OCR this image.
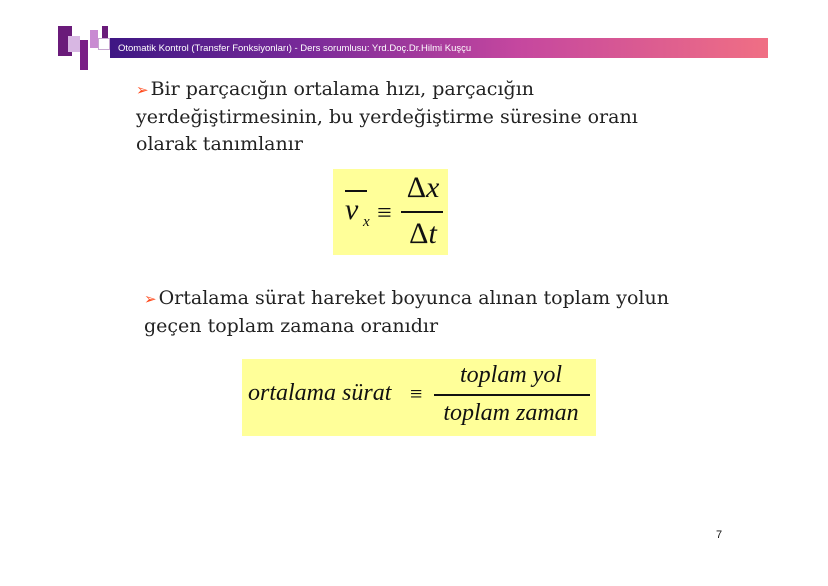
Otomatik Kontrol (Transfer Fonksiyonları) - Ders sorumlusu: Yrd.Doç.Dr.Hilmi Kuşçu
➢ Bir parçacığın ortalama hızı, parçacığın yerdeğiştirmesinin, bu yerdeğiştirme süresine oranı olarak tanımlanır
v x ≡
Δx
Δt
➢ Ortalama sürat hareket boyunca alınan toplam yolun geçen toplam zamana oranıdır
ortalama sürat ≡
toplam yol
toplam zaman
7
